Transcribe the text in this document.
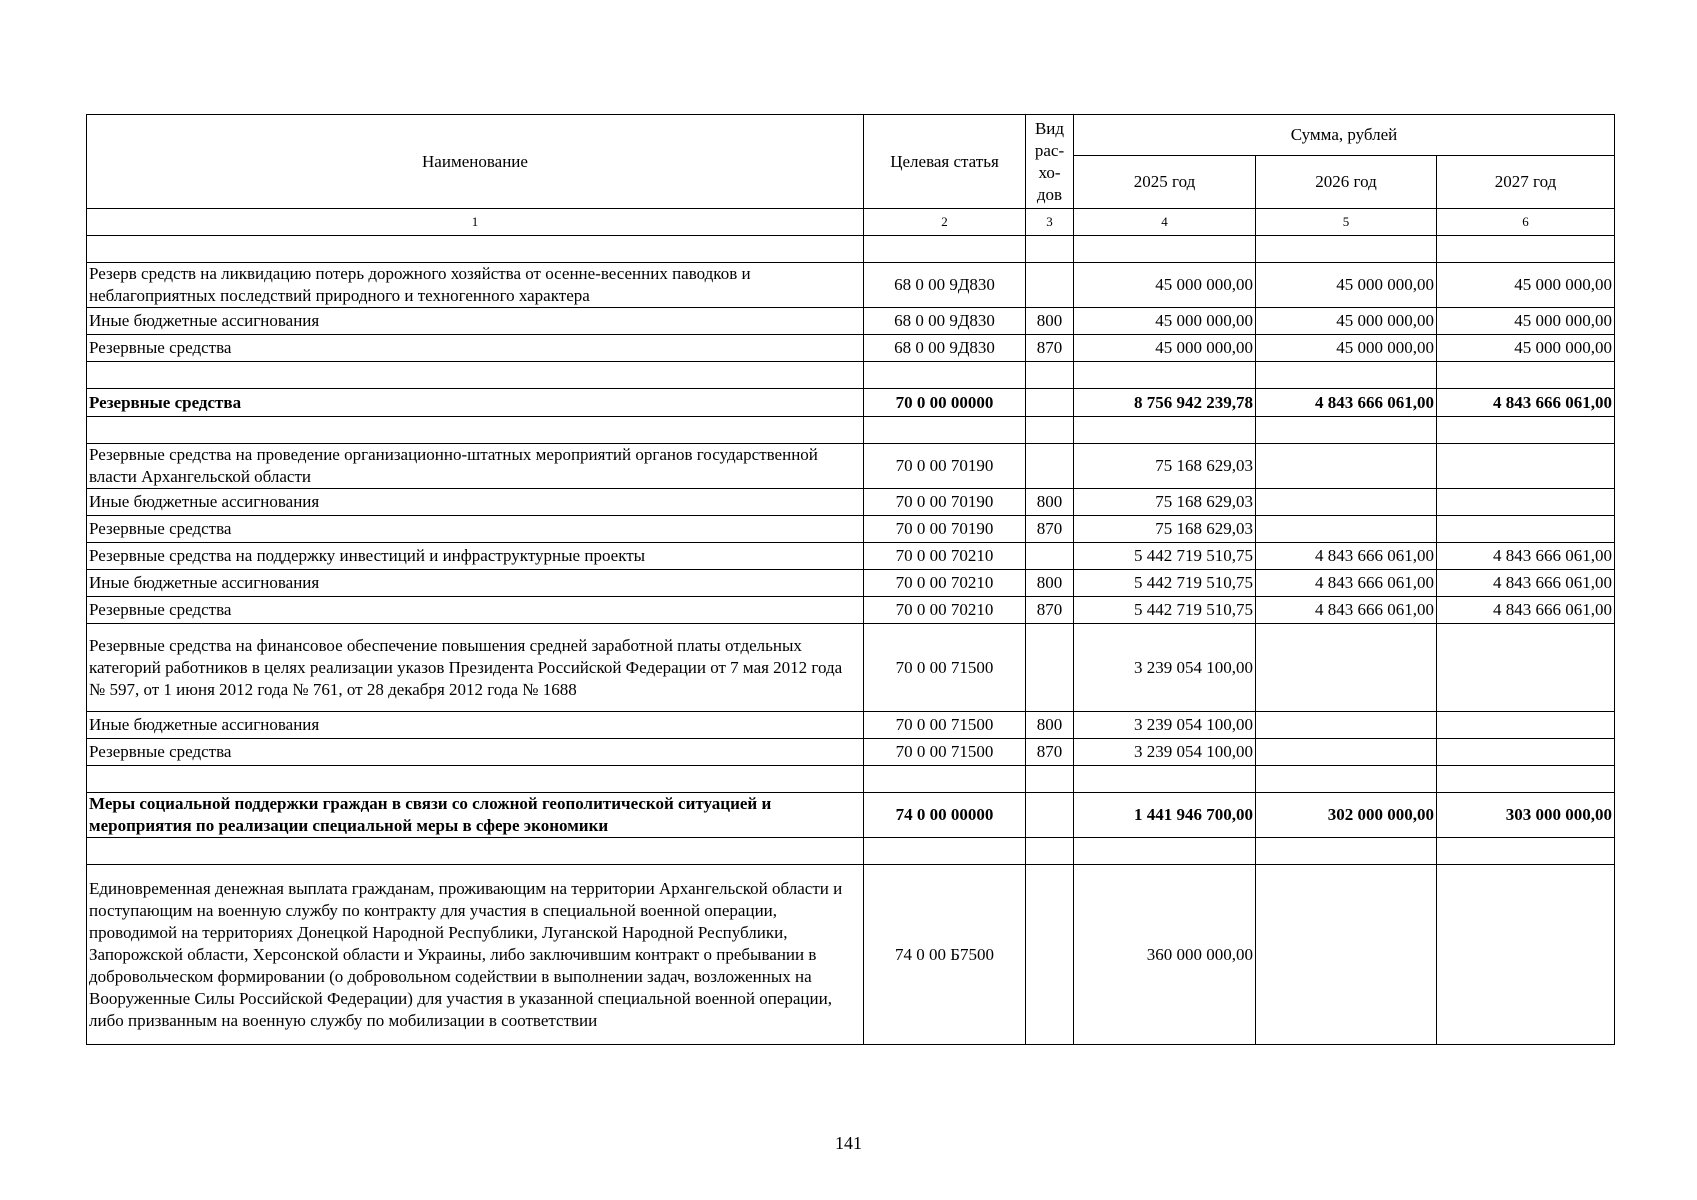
Наименование	Целевая статья	Вид рас-хо-дов	Сумма, рублей		
			2025 год	2026 год	2027 год
1	2	3	4	5	6

Резерв средств на ликвидацию потерь дорожного хозяйства от осенне-весенних паводков и неблагоприятных последствий природного и техногенного характера	68 0 00 9Д830		45 000 000,00	45 000 000,00	45 000 000,00
Иные бюджетные ассигнования	68 0 00 9Д830	800	45 000 000,00	45 000 000,00	45 000 000,00
Резервные средства	68 0 00 9Д830	870	45 000 000,00	45 000 000,00	45 000 000,00

Резервные средства	70 0 00 00000		8 756 942 239,78	4 843 666 061,00	4 843 666 061,00

Резервные средства на проведение организационно-штатных мероприятий органов государственной власти Архангельской области	70 0 00 70190		75 168 629,03		
Иные бюджетные ассигнования	70 0 00 70190	800	75 168 629,03		
Резервные средства	70 0 00 70190	870	75 168 629,03		
Резервные средства на поддержку инвестиций и инфраструктурные проекты	70 0 00 70210		5 442 719 510,75	4 843 666 061,00	4 843 666 061,00
Иные бюджетные ассигнования	70 0 00 70210	800	5 442 719 510,75	4 843 666 061,00	4 843 666 061,00
Резервные средства	70 0 00 70210	870	5 442 719 510,75	4 843 666 061,00	4 843 666 061,00
Резервные средства на финансовое обеспечение повышения средней заработной платы отдельных категорий работников в целях реализации указов Президента Российской Федерации от 7 мая 2012 года № 597, от 1 июня 2012 года № 761, от 28 декабря 2012 года № 1688	70 0 00 71500		3 239 054 100,00		
Иные бюджетные ассигнования	70 0 00 71500	800	3 239 054 100,00		
Резервные средства	70 0 00 71500	870	3 239 054 100,00		

Меры социальной поддержки граждан в связи со сложной геополитической ситуацией и мероприятия по реализации специальной меры в сфере экономики	74 0 00 00000		1 441 946 700,00	302 000 000,00	303 000 000,00

Единовременная денежная выплата гражданам, проживающим на территории Архангельской области и поступающим на военную службу по контракту для участия в специальной военной операции, проводимой на территориях Донецкой Народной Республики, Луганской Народной Республики, Запорожской области, Херсонской области и Украины, либо заключившим контракт о пребывании в добровольческом формировании (о добровольном содействии в выполнении задач, возложенных на Вооруженные Силы Российской Федерации) для участия в указанной специальной военной операции, либо призванным на военную службу по мобилизации в соответствии	74 0 00 Б7500		360 000 000,00		
141
